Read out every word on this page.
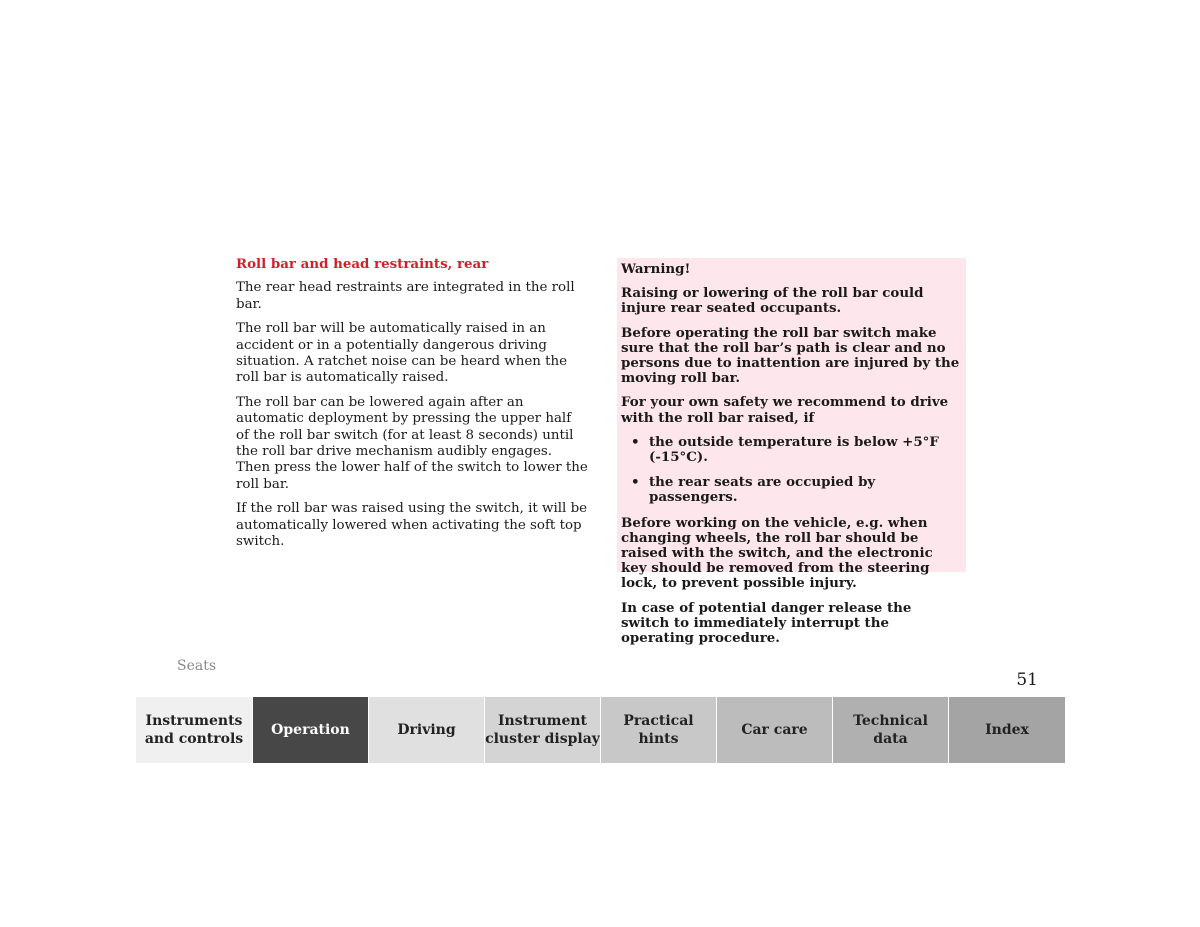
Roll bar and head restraints, rear

The rear head restraints are integrated in the roll bar.

The roll bar will be automatically raised in an accident or in a potentially dangerous driving situation. A ratchet noise can be heard when the roll bar is automatically raised.

The roll bar can be lowered again after an automatic deployment by pressing the upper half of the roll bar switch (for at least 8 seconds) until the roll bar drive mechanism audibly engages. Then press the lower half of the switch to lower the roll bar.

If the roll bar was raised using the switch, it will be automatically lowered when activating the soft top switch.

Warning!

Raising or lowering of the roll bar could injure rear seated occupants.

Before operating the roll bar switch make sure that the roll bar’s path is clear and no persons due to inattention are injured by the moving roll bar.

For your own safety we recommend to drive with the roll bar raised, if

• the outside temperature is below +5°F (-15°C).
• the rear seats are occupied by passengers.

Before working on the vehicle, e.g. when changing wheels, the roll bar should be raised with the switch, and the electronic key should be removed from the steering lock, to prevent possible injury.

In case of potential danger release the switch to immediately interrupt the operating procedure.

Seats
51
Instruments
and controls
Operation	Driving
Instrument
cluster display
Practical hints
Car care
Technical
data
Index
